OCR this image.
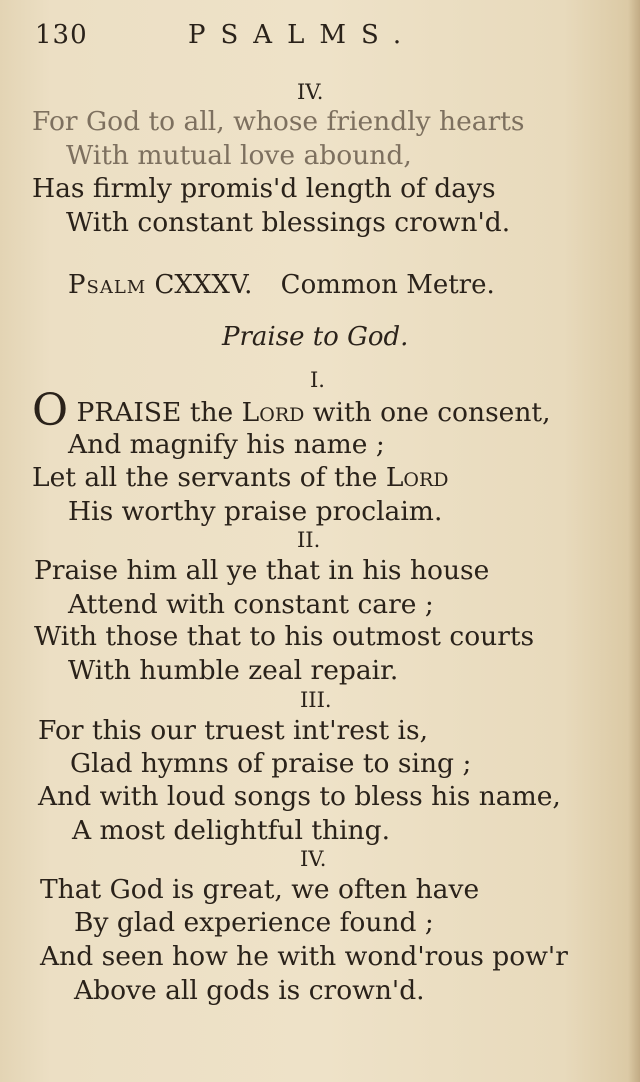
130	PSALMS.
IV.
For God to all, whose friendly hearts
With mutual love abound,
Has firmly promis'd length of days
With constant blessings crown'd.
Psalm CXXXV. Common Metre.
Praise to God.
I.
O PRAISE the Lord with one consent,
And magnify his name ;
Let all the servants of the Lord
His worthy praise proclaim.
II.
Praise him all ye that in his house
Attend with constant care ;
With those that to his outmost courts
With humble zeal repair.
III.
For this our truest int'rest is,
Glad hymns of praise to sing ;
And with loud songs to bless his name,
A most delightful thing.
IV.
That God is great, we often have
By glad experience found ;
And seen how he with wond'rous pow'r
Above all gods is crown'd.
